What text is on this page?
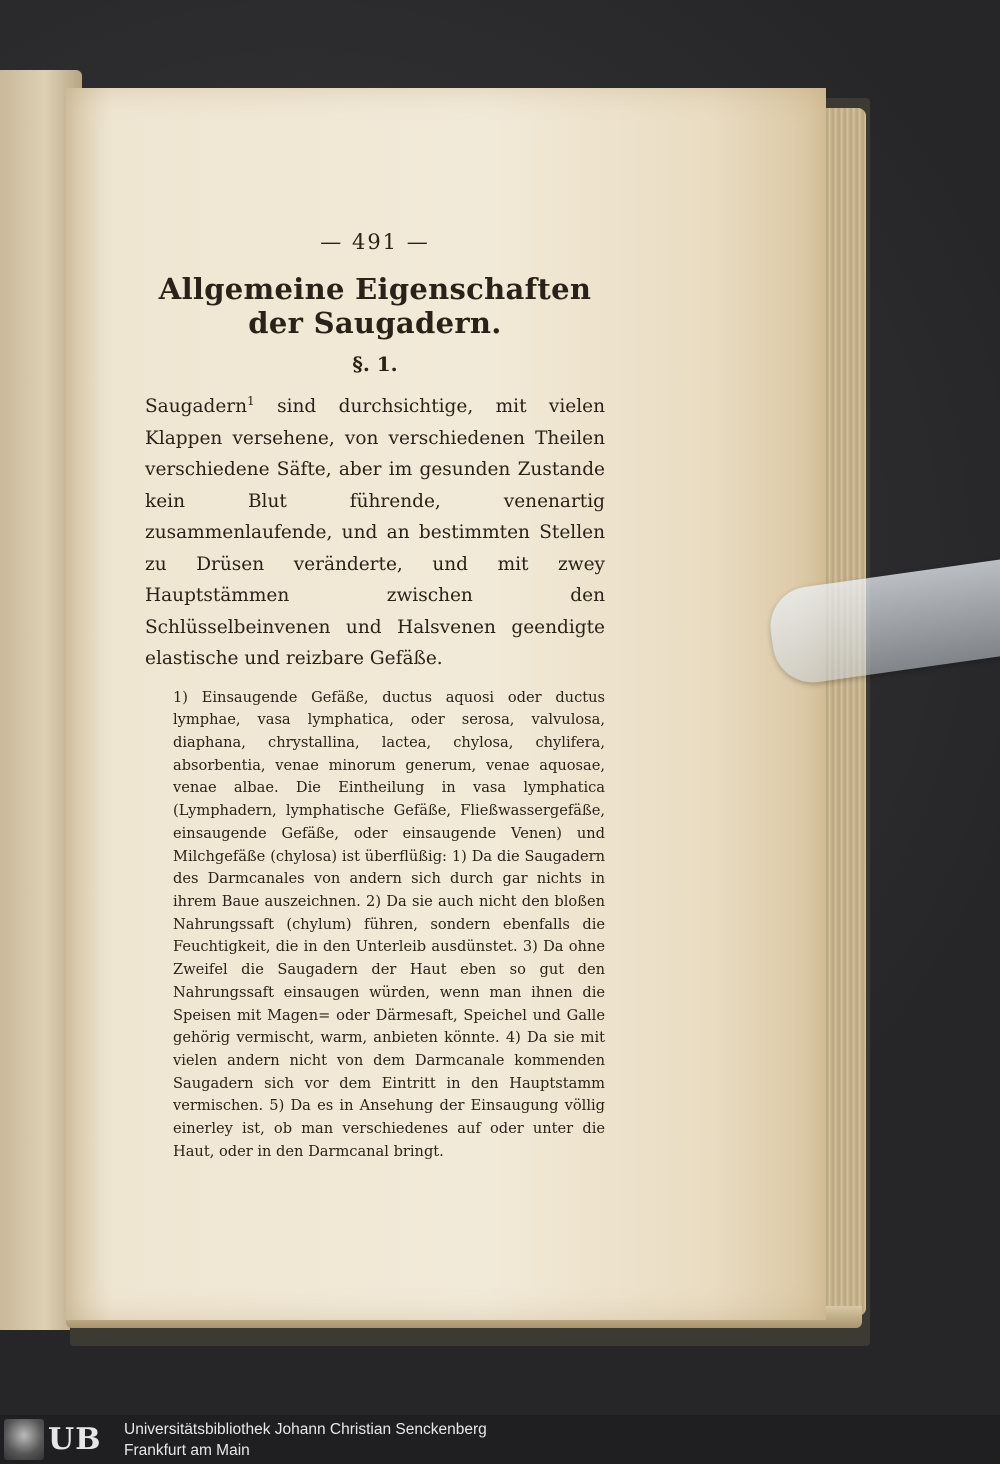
— 491 —
Allgemeine Eigenschaften der Saugadern.
§. 1.

Saugadern$^1$ sind durchsichtige, mit vielen Klappen versehene, von verschiedenen Theilen verschiedene Säfte, aber im gesunden Zustande kein Blut führende, venenartig zusammenlaufende, und an bestimmten Stellen zu Drüsen veränderte, und mit zwey Hauptstämmen zwischen den Schlüsselbeinvenen und Halsvenen geendigte elastische und reizbare Gefäße.

1) Einsaugende Gefäße, ductus aquosi oder ductus lymphae, vasa lymphatica, oder serosa, valvulosa, diaphana, chrystallina, lactea, chylosa, chylifera, absorbentia, venae minorum generum, venae aquosae, venae albae. Die Eintheilung in vasa lymphatica (Lymphadern, lymphatische Gefäße, Fließwassergefäße, einsaugende Gefäße, oder einsaugende Venen) und Milchgefäße (chylosa) ist überflüßig: 1) Da die Saugadern des Darmcanales von andern sich durch gar nichts in ihrem Baue auszeichnen. 2) Da sie auch nicht den bloßen Nahrungssaft (chylum) führen, sondern ebenfalls die Feuchtigkeit, die in den Unterleib ausdünstet. 3) Da ohne Zweifel die Saugadern der Haut eben so gut den Nahrungssaft einsaugen würden, wenn man ihnen die Speisen mit Magen= oder Därmesaft, Speichel und Galle gehörig vermischt, warm, anbieten könnte. 4) Da sie mit vielen andern nicht von dem Darmcanale kommenden Saugadern sich vor dem Eintritt in den Hauptstamm vermischen. 5) Da es in Ansehung der Einsaugung völlig einerley ist, ob man verschiedenes auf oder unter die Haut, oder in den Darmcanal bringt.
UB Universitätsbibliothek Johann Christian Senckenberg
Frankfurt am Main
